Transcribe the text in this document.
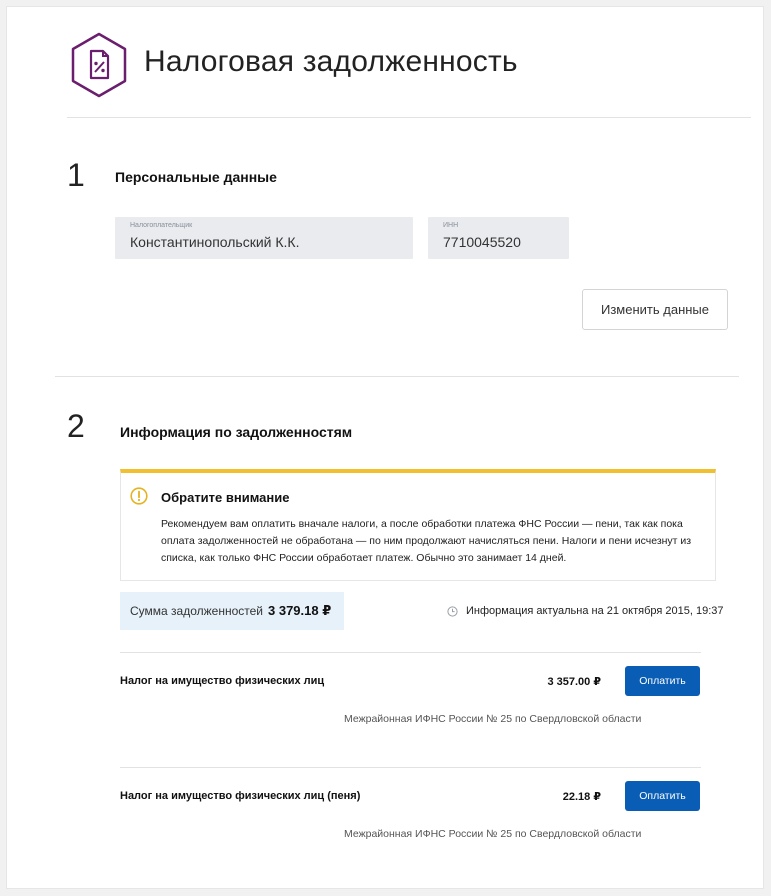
Налоговая задолженность
1 Персональные данные
Налогоплательщик
Константинопольский К.К.
ИНН
7710045520
Изменить данные
2	Информация по задолженностям
Обратите внимание
Рекомендуем вам оплатить вначале налоги, а после обработки платежа ФНС России — пени, так как пока оплата задолженностей не обработана — по ним продолжают начисляться пени. Налоги и пени исчезнут из списка, как только ФНС России обработает платеж. Обычно это занимает 14 дней.
Сумма задолженностей 3 379.18 ₽	Информация актуальна на 21 октября 2015, 19:37
Налог на имущество физических лиц	3 357.00 ₽	Оплатить
Межрайонная ИФНС России № 25 по Свердловской области
Налог на имущество физических лиц (пеня)	22.18 ₽	Оплатить
Межрайонная ИФНС России № 25 по Свердловской области
